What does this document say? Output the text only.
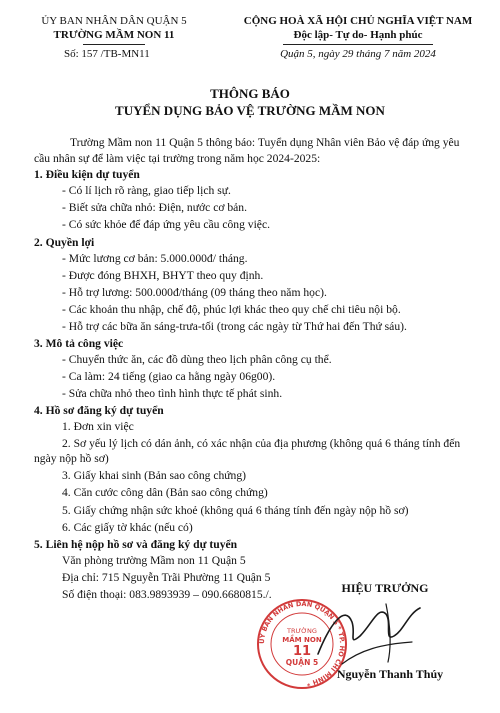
ỦY BAN NHÂN DÂN QUẬN 5
TRƯỜNG MẦM NON 11
Số: 157 /TB-MN11
CỘNG HOÀ XÃ HỘI CHỦ NGHĨA VIỆT NAM
Độc lập- Tự do- Hạnh phúc
Quận 5, ngày 29 tháng 7 năm 2024
THÔNG BÁO
TUYỂN DỤNG BẢO VỆ TRƯỜNG MẦM NON

Trường Mầm non 11 Quận 5 thông báo: Tuyển dụng Nhân viên Bảo vệ đáp ứng yêu cầu nhân sự để làm việc tại trường trong năm học 2024-2025:

1. Điều kiện dự tuyển
- Có lí lịch rõ ràng, giao tiếp lịch sự.
- Biết sửa chữa nhỏ: Điện, nước cơ bản.
- Có sức khỏe để đáp ứng yêu cầu công việc.
2. Quyền lợi
- Mức lương cơ bản: 5.000.000đ/ tháng.
- Được đóng BHXH, BHYT theo quy định.
- Hỗ trợ lương: 500.000đ/tháng (09 tháng theo năm học).
- Các khoản thu nhập, chế độ, phúc lợi khác theo quy chế chi tiêu nội bộ.
- Hỗ trợ các bữa ăn sáng-trưa-tối (trong các ngày từ Thứ hai đến Thứ sáu).
3. Mô tả công việc
- Chuyển thức ăn, các đồ dùng theo lịch phân công cụ thể.
- Ca làm: 24 tiếng (giao ca hằng ngày 06g00).
- Sửa chữa nhỏ theo tình hình thực tế phát sinh.
4. Hồ sơ đăng ký dự tuyển
1. Đơn xin việc
2. Sơ yếu lý lịch có dán ảnh, có xác nhận của địa phương (không quá 6 tháng tính đến ngày nộp hồ sơ)
3. Giấy khai sinh (Bản sao công chứng)
4. Căn cước công dân (Bản sao công chứng)
5. Giấy chứng nhận sức khoẻ (không quá 6 tháng tính đến ngày nộp hồ sơ)
6. Các giấy tờ khác (nếu có)
5. Liên hệ nộp hồ sơ và đăng ký dự tuyển
Văn phòng trường Mầm non 11 Quận 5
Địa chỉ: 715 Nguyễn Trãi Phường 11 Quận 5
Số điện thoại: 083.9893939 – 090.6680815./.	HIỆU TRƯỞNG
ỦY BAN NHÂN DÂN QUẬN 5 * TP. HỒ CHÍ MINH *
TRƯỜNG
MẦM NON
11
QUẬN 5
Nguyễn Thanh Thúy
